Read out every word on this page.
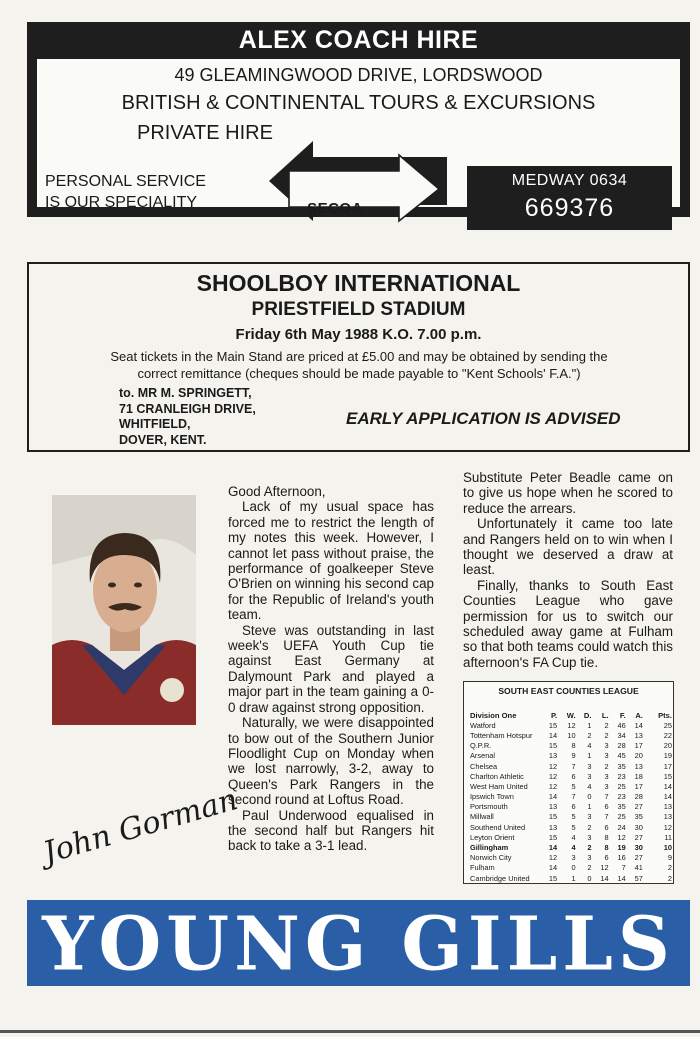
ALEX COACH HIRE
49 GLEAMINGWOOD DRIVE, LORDSWOOD
BRITISH & CONTINENTAL TOURS & EXCURSIONS
PRIVATE HIRE
PERSONAL SERVICE
IS OUR SPECIALITY	SECOA
MEDWAY 0634
669376
SHOOLBOY INTERNATIONAL
PRIESTFIELD STADIUM
Friday 6th May 1988 K.O. 7.00 p.m.
Seat tickets in the Main Stand are priced at £5.00 and may be obtained by sending the
correct remittance (cheques should be made payable to "Kent Schools' F.A.")
to. MR M. SPRINGETT,
71 CRANLEIGH DRIVE,
WHITFIELD,
DOVER, KENT.
EARLY APPLICATION IS ADVISED
John Gorman

Good Afternoon,

Lack of my usual space has forced me to restrict the length of my notes this week. However, I cannot let pass without praise, the performance of goalkeeper Steve O'Brien on winning his second cap for the Republic of Ireland's youth team.

Steve was outstanding in last week's UEFA Youth Cup tie against East Germany at Dalymount Park and played a major part in the team gaining a 0-0 draw against strong opposition.

Naturally, we were disappointed to bow out of the Southern Junior Floodlight Cup on Monday when we lost narrowly, 3-2, away to Queen's Park Rangers in the second round at Loftus Road.

Paul Underwood equalised in the second half but Rangers hit back to take a 3-1 lead.

Substitute Peter Beadle came on to give us hope when he scored to reduce the arrears.

Unfortunately it came too late and Rangers held on to win when I thought we deserved a draw at least.

Finally, thanks to South East Counties League who gave permission for us to switch our scheduled away game at Fulham so that both teams could watch this afternoon's FA Cup tie.

SOUTH EAST COUNTIES LEAGUE
Division One	P.	W.	D.	L.	F.	A.	Pts.
Watford	15	12	1	2	46	14	25
Tottenham Hotspur	14	10	2	2	34	13	22
Q.P.R.	15	8	4	3	28	17	20
Arsenal	13	9	1	3	45	20	19
Chelsea	12	7	3	2	35	13	17
Charlton Athletic	12	6	3	3	23	18	15
West Ham United	12	5	4	3	25	17	14
Ipswich Town	14	7	0	7	23	28	14
Portsmouth	13	6	1	6	35	27	13
Millwall	15	5	3	7	25	35	13
Southend United	13	5	2	6	24	30	12
Leyton Orient	15	4	3	8	12	27	11
Gillingham	14	4	2	8	19	30	10
Norwich City	12	3	3	6	16	27	9
Fulham	14	0	2	12	7	41	2
Cambridge United	15	1	0	14	14	57	2
YOUNG GILLS
